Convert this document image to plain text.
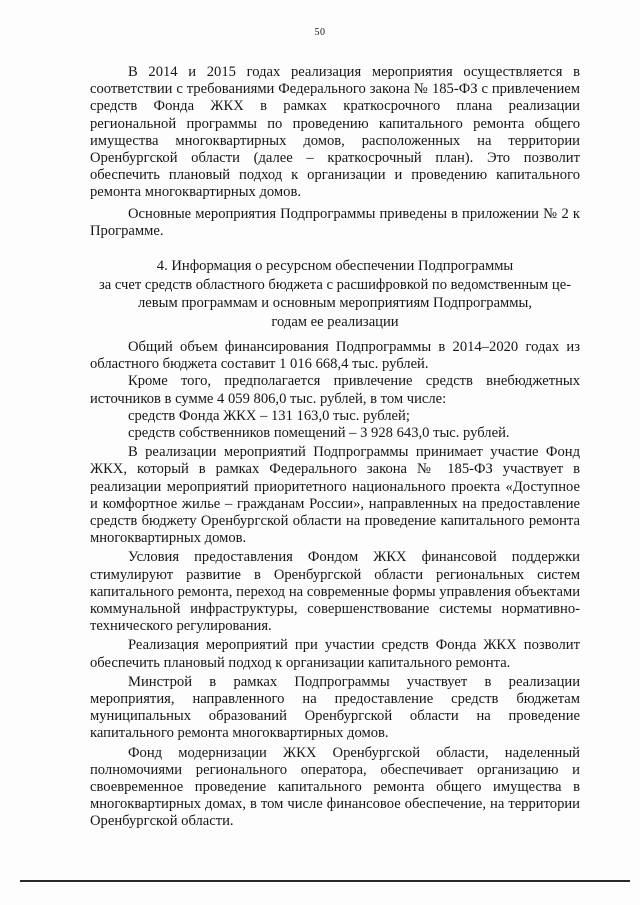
50

В 2014 и 2015 годах реализация мероприятия осуществляется в соответствии с требованиями Федерального закона № 185-ФЗ с привлечением средств Фонда ЖКХ в рамках краткосрочного плана реализации региональной программы по проведению капитального ремонта общего имущества многоквартирных домов, расположенных на территории Оренбургской области (далее – краткосрочный план). Это позволит обеспечить плановый подход к организации и проведению капитального ремонта многоквартирных домов.

Основные мероприятия Подпрограммы приведены в приложении № 2 к Программе.

4. Информация о ресурсном обеспечении Подпрограммы
за счет средств областного бюджета с расшифровкой по ведомственным це-
левым программам и основным мероприятиям Подпрограммы,
годам ее реализации

Общий объем финансирования Подпрограммы в 2014–2020 годах из областного бюджета составит 1 016 668,4 тыс. рублей.

Кроме того, предполагается привлечение средств внебюджетных источников в сумме 4 059 806,0 тыс. рублей, в том числе:

средств Фонда ЖКХ – 131 163,0 тыс. рублей;

средств собственников помещений – 3 928 643,0 тыс. рублей.

В реализации мероприятий Подпрограммы принимает участие Фонд ЖКХ, который в рамках Федерального закона № 185-ФЗ участвует в реализации мероприятий приоритетного национального проекта «Доступное и комфортное жилье – гражданам России», направленных на предоставление средств бюджету Оренбургской области на проведение капитального ремонта многоквартирных домов.

Условия предоставления Фондом ЖКХ финансовой поддержки стимулируют развитие в Оренбургской области региональных систем капитального ремонта, переход на современные формы управления объектами коммунальной инфраструктуры, совершенствование системы нормативно-технического регулирования.

Реализация мероприятий при участии средств Фонда ЖКХ позволит обеспечить плановый подход к организации капитального ремонта.

Минстрой в рамках Подпрограммы участвует в реализации мероприятия, направленного на предоставление средств бюджетам муниципальных образований Оренбургской области на проведение капитального ремонта многоквартирных домов.

Фонд модернизации ЖКХ Оренбургской области, наделенный полномочиями регионального оператора, обеспечивает организацию и своевременное проведение капитального ремонта общего имущества в многоквартирных домах, в том числе финансовое обеспечение, на территории Оренбургской области.
